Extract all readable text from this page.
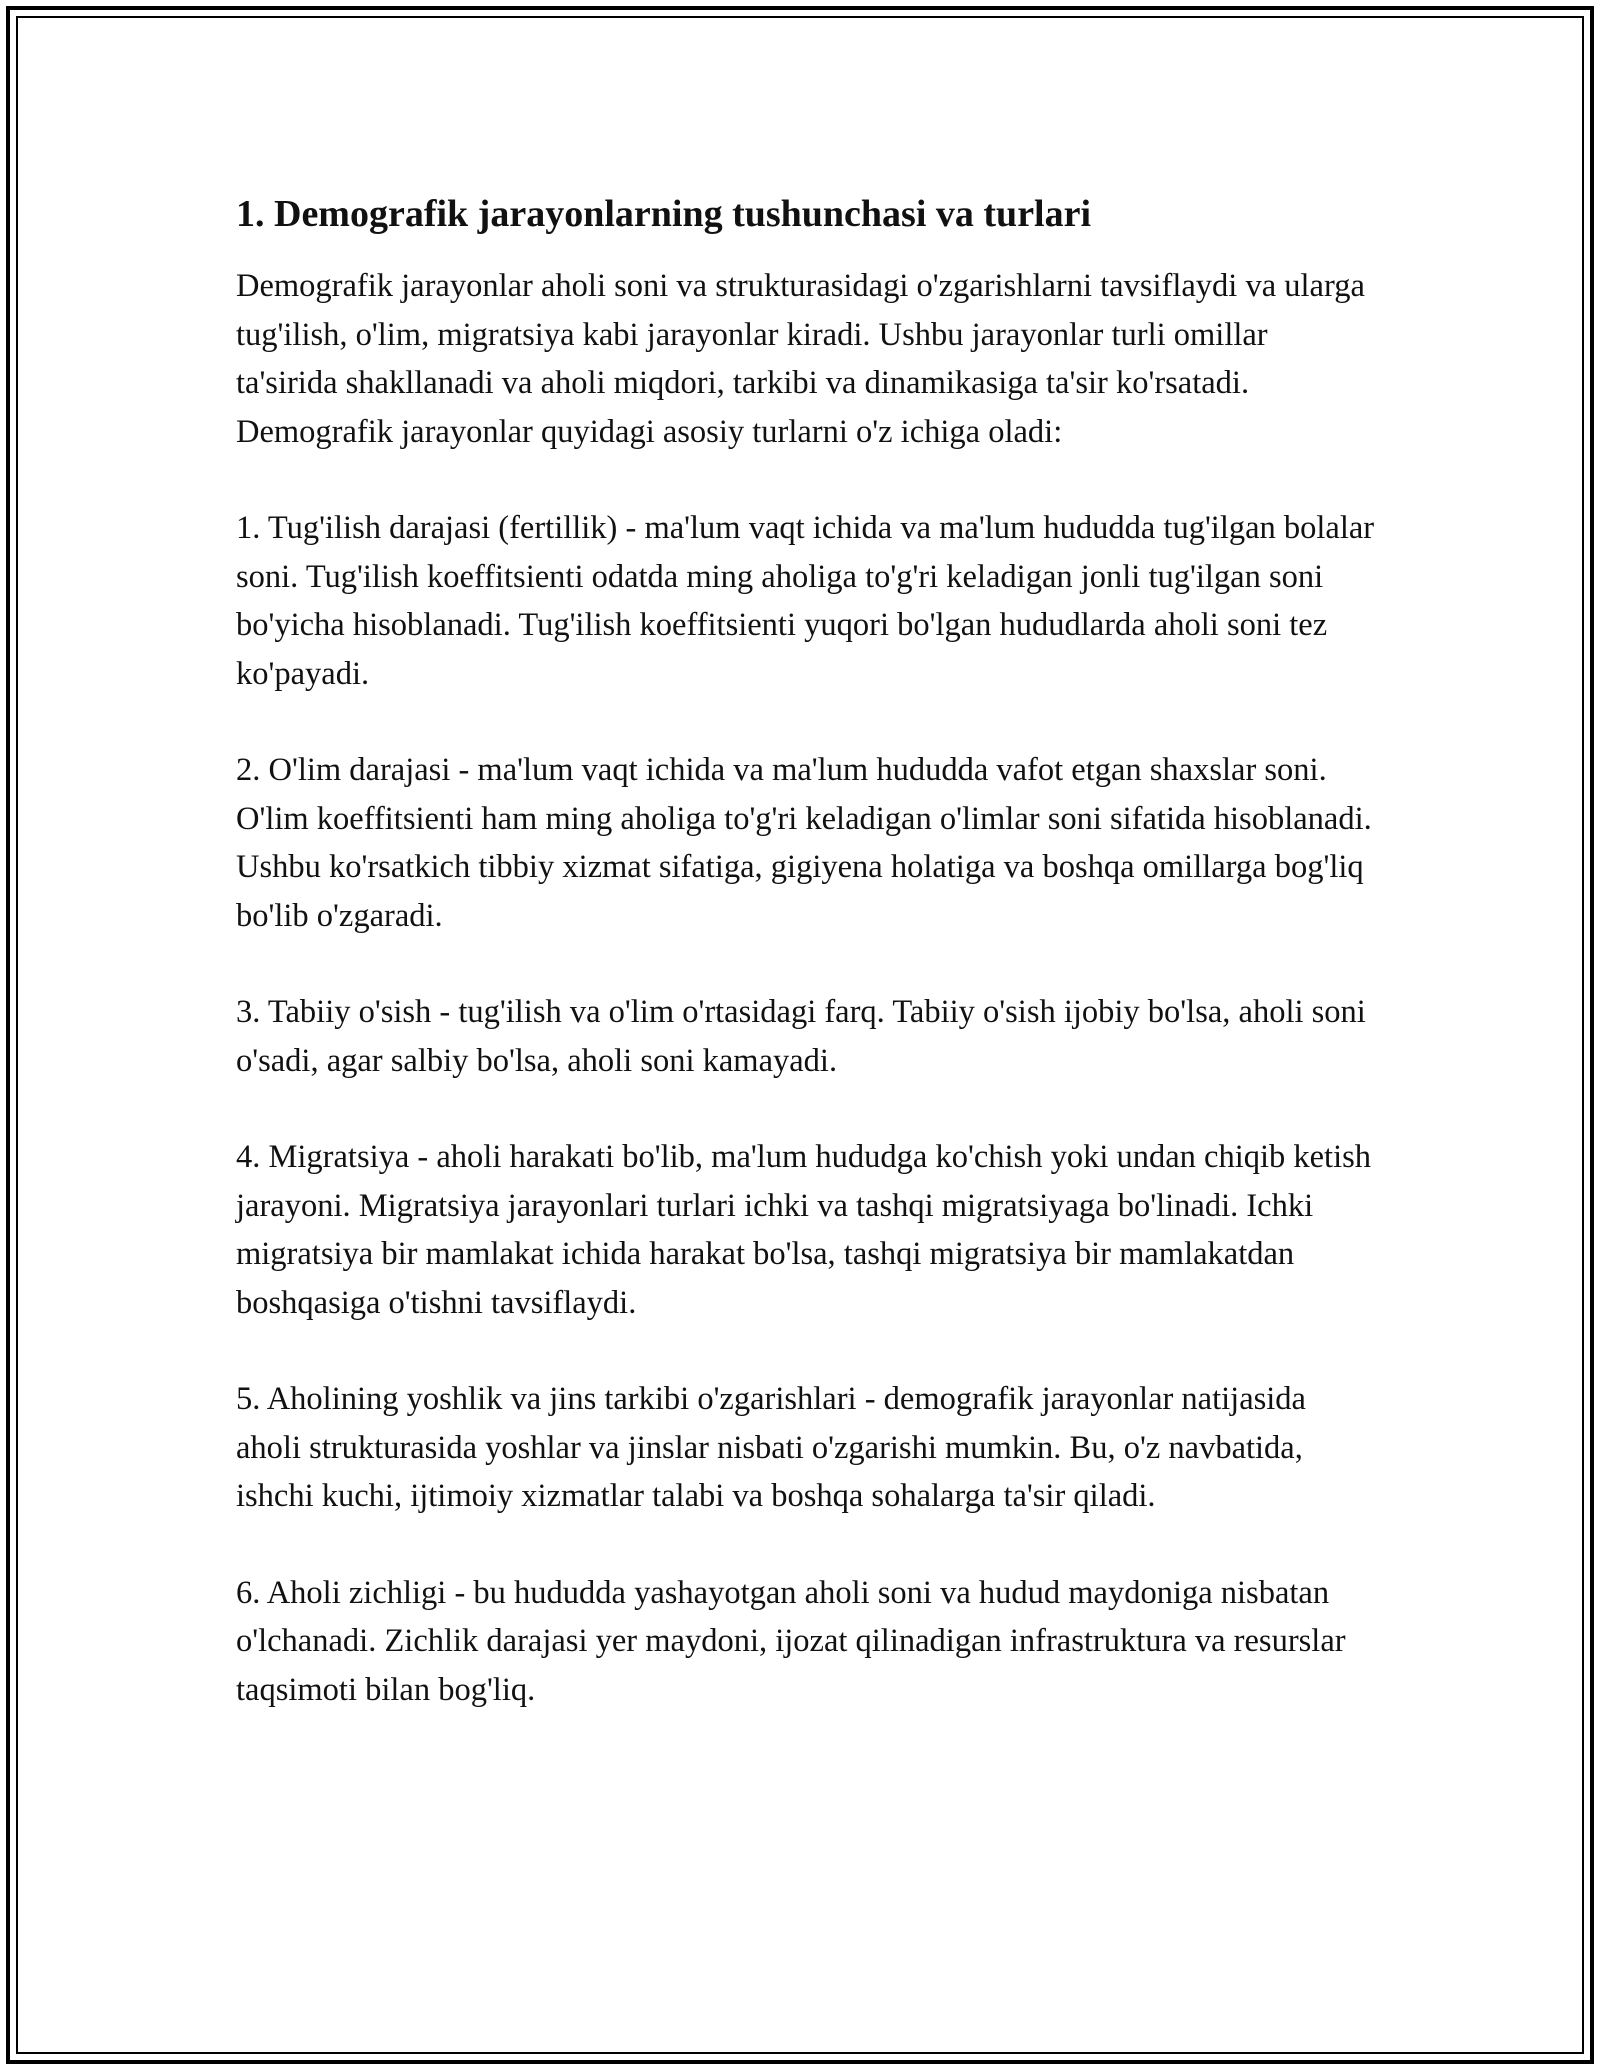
1. Demografik jarayonlarning tushunchasi va turlari

Demografik jarayonlar aholi soni va strukturasidagi o'zgarishlarni tavsiflaydi va ularga tug'ilish, o'lim, migratsiya kabi jarayonlar kiradi. Ushbu jarayonlar turli omillar ta'sirida shakllanadi va aholi miqdori, tarkibi va dinamikasiga ta'sir ko'rsatadi. Demografik jarayonlar quyidagi asosiy turlarni o'z ichiga oladi:

1. Tug'ilish darajasi (fertillik) - ma'lum vaqt ichida va ma'lum hududda tug'ilgan bolalar soni. Tug'ilish koeffitsienti odatda ming aholiga to'g'ri keladigan jonli tug'ilgan soni bo'yicha hisoblanadi. Tug'ilish koeffitsienti yuqori bo'lgan hududlarda aholi soni tez ko'payadi.

2. O'lim darajasi - ma'lum vaqt ichida va ma'lum hududda vafot etgan shaxslar soni. O'lim koeffitsienti ham ming aholiga to'g'ri keladigan o'limlar soni sifatida hisoblanadi. Ushbu ko'rsatkich tibbiy xizmat sifatiga, gigiyena holatiga va boshqa omillarga bog'liq bo'lib o'zgaradi.

3. Tabiiy o'sish - tug'ilish va o'lim o'rtasidagi farq. Tabiiy o'sish ijobiy bo'lsa, aholi soni o'sadi, agar salbiy bo'lsa, aholi soni kamayadi.

4. Migratsiya - aholi harakati bo'lib, ma'lum hududga ko'chish yoki undan chiqib ketish jarayoni. Migratsiya jarayonlari turlari ichki va tashqi migratsiyaga bo'linadi. Ichki migratsiya bir mamlakat ichida harakat bo'lsa, tashqi migratsiya bir mamlakatdan boshqasiga o'tishni tavsiflaydi.

5. Aholining yoshlik va jins tarkibi o'zgarishlari - demografik jarayonlar natijasida aholi strukturasida yoshlar va jinslar nisbati o'zgarishi mumkin. Bu, o'z navbatida, ishchi kuchi, ijtimoiy xizmatlar talabi va boshqa sohalarga ta'sir qiladi.

6. Aholi zichligi - bu hududda yashayotgan aholi soni va hudud maydoniga nisbatan o'lchanadi. Zichlik darajasi yer maydoni, ijozat qilinadigan infrastruktura va resurslar taqsimoti bilan bog'liq.
